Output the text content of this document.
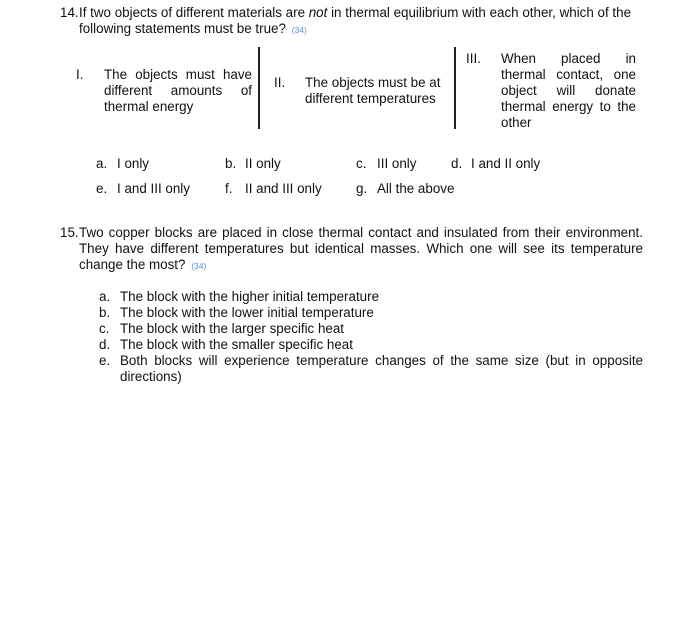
14. If two objects of different materials are not in thermal equilibrium with each other, which of the following statements must be true? (34)
I. The objects must have different amounts of thermal energy
II. The objects must be at different temperatures
III. When placed in thermal contact, one object will donate thermal energy to the other
a. I only	b. II only	c. III only	d. I and II only
e. I and III only	f. II and III only	g. All the above
15. Two copper blocks are placed in close thermal contact and insulated from their environment. They have different temperatures but identical masses. Which one will see its temperature change the most? (34)
a. The block with the higher initial temperature
b. The block with the lower initial temperature
c. The block with the larger specific heat
d. The block with the smaller specific heat
e. Both blocks will experience temperature changes of the same size (but in opposite directions)
